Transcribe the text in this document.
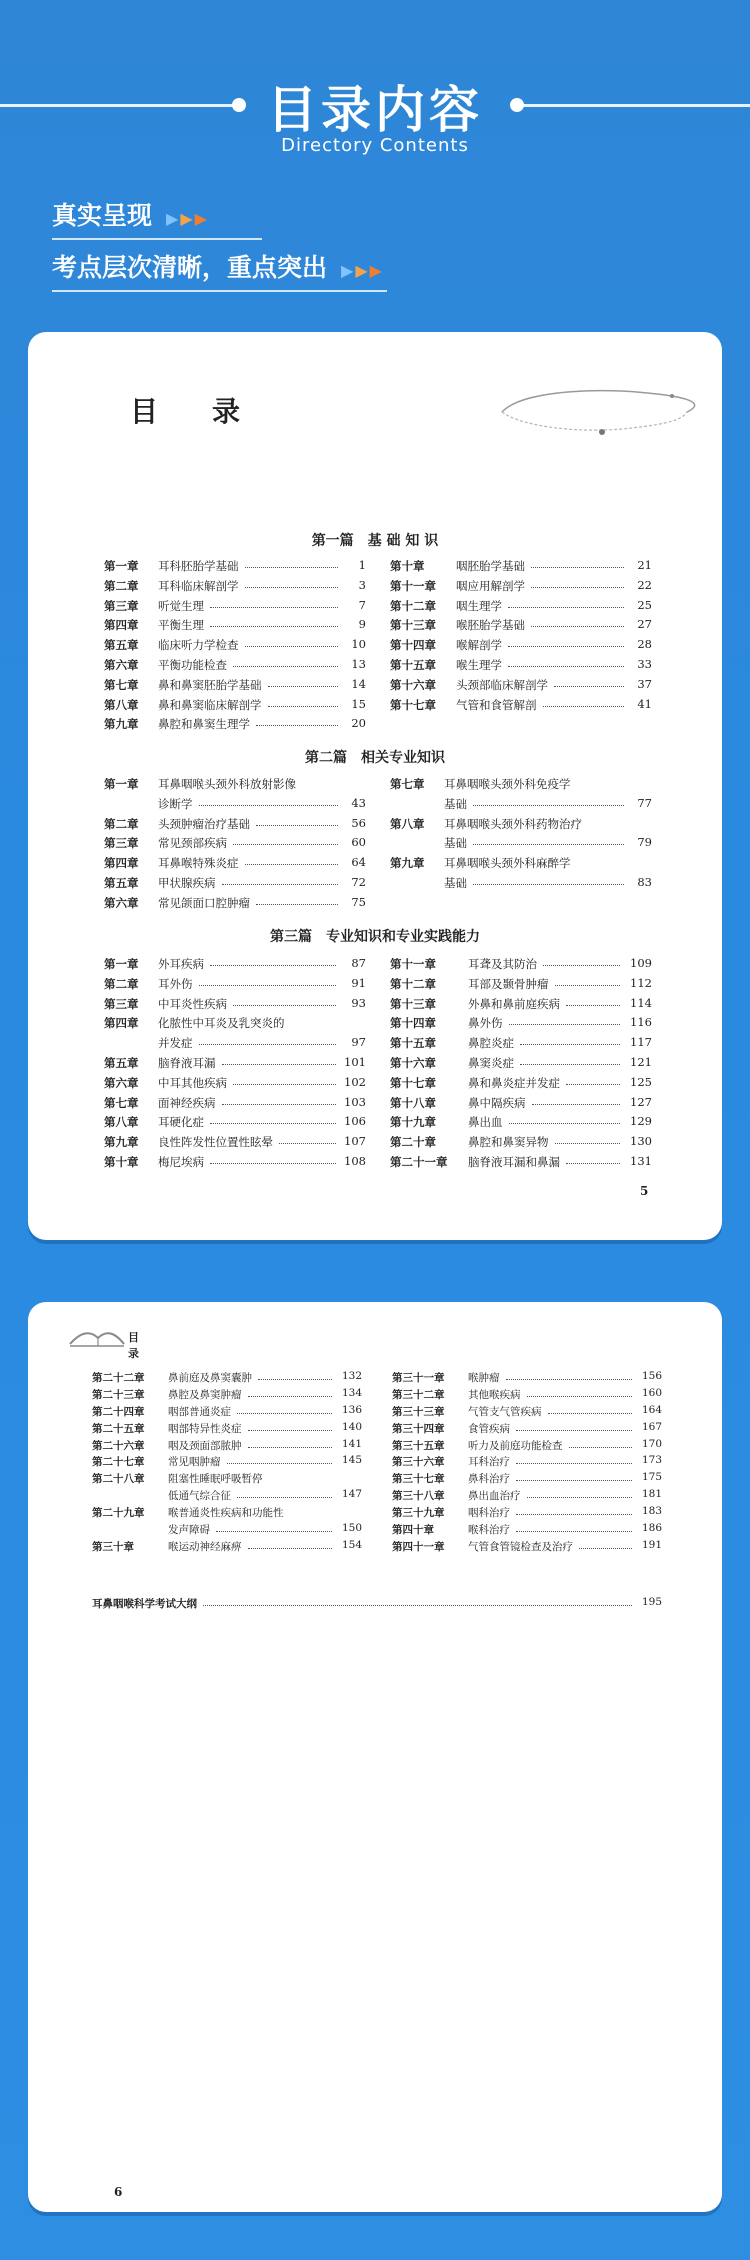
目录内容
Directory Contents
真实呈现 ▶▶▶
考点层次清晰，重点突出 ▶▶▶
目 录
第一篇　基 础 知 识
第一章 耳科胚胎学基础	1
第二章 耳科临床解剖学	3
第三章 听觉生理	7
第四章 平衡生理	9
第五章 临床听力学检查	10
第六章 平衡功能检查	13
第七章 鼻和鼻窦胚胎学基础	14
第八章 鼻和鼻窦临床解剖学	15
第九章 鼻腔和鼻窦生理学	20
第十章	咽胚胎学基础	21
第十一章 咽应用解剖学	22
第十二章 咽生理学	25
第十三章 喉胚胎学基础	27
第十四章 喉解剖学	28
第十五章 喉生理学	33
第十六章 头颈部临床解剖学	37
第十七章 气管和食管解剖	41
第二篇　相关专业知识
第一章 耳鼻咽喉头颈外科放射影像
诊断学	43
第二章 头颈肿瘤治疗基础	56
第三章 常见颈部疾病	60
第四章 耳鼻喉特殊炎症	64
第五章 甲状腺疾病	72
第六章 常见颌面口腔肿瘤	75
第七章 耳鼻咽喉头颈外科免疫学
基础	77
第八章 耳鼻咽喉头颈外科药物治疗
基础	79
第九章 耳鼻咽喉头颈外科麻醉学
基础	83
第三篇　专业知识和专业实践能力
第一章 外耳疾病	87
第二章 耳外伤	91
第三章 中耳炎性疾病	93
第四章 化脓性中耳炎及乳突炎的
并发症	97
第五章 脑脊液耳漏	101
第六章 中耳其他疾病	102
第七章 面神经疾病	103
第八章 耳硬化症	106
第九章 良性阵发性位置性眩晕	107
第十章 梅尼埃病	108
第十一章	耳聋及其防治	109
第十二章	耳部及颞骨肿瘤	112
第十三章	外鼻和鼻前庭疾病	114
第十四章	鼻外伤	116
第十五章	鼻腔炎症	117
第十六章	鼻窦炎症	121
第十七章	鼻和鼻炎症并发症	125
第十八章	鼻中隔疾病	127
第十九章	鼻出血	129
第二十章	鼻腔和鼻窦异物	130
第二十一章 脑脊液耳漏和鼻漏	131
5
目　录
第二十二章 鼻前庭及鼻窦囊肿	132
第二十三章 鼻腔及鼻窦肿瘤	134
第二十四章 咽部普通炎症	136
第二十五章 咽部特异性炎症	140
第二十六章 咽及颈面部脓肿	141
第二十七章 常见咽肿瘤	145
第二十八章 阻塞性睡眠呼吸暂停
低通气综合征	147
第二十九章 喉普通炎性疾病和功能性
发声障碍	150
第三十章	喉运动神经麻痹	154
第三十一章 喉肿瘤	156
第三十二章 其他喉疾病	160
第三十三章 气管支气管疾病	164
第三十四章 食管疾病	167
第三十五章 听力及前庭功能检查	170
第三十六章 耳科治疗	173
第三十七章 鼻科治疗	175
第三十八章 鼻出血治疗	181
第三十九章 咽科治疗	183
第四十章	喉科治疗	186
第四十一章 气管食管镜检查及治疗	191
耳鼻咽喉科学考试大纲	195
6
